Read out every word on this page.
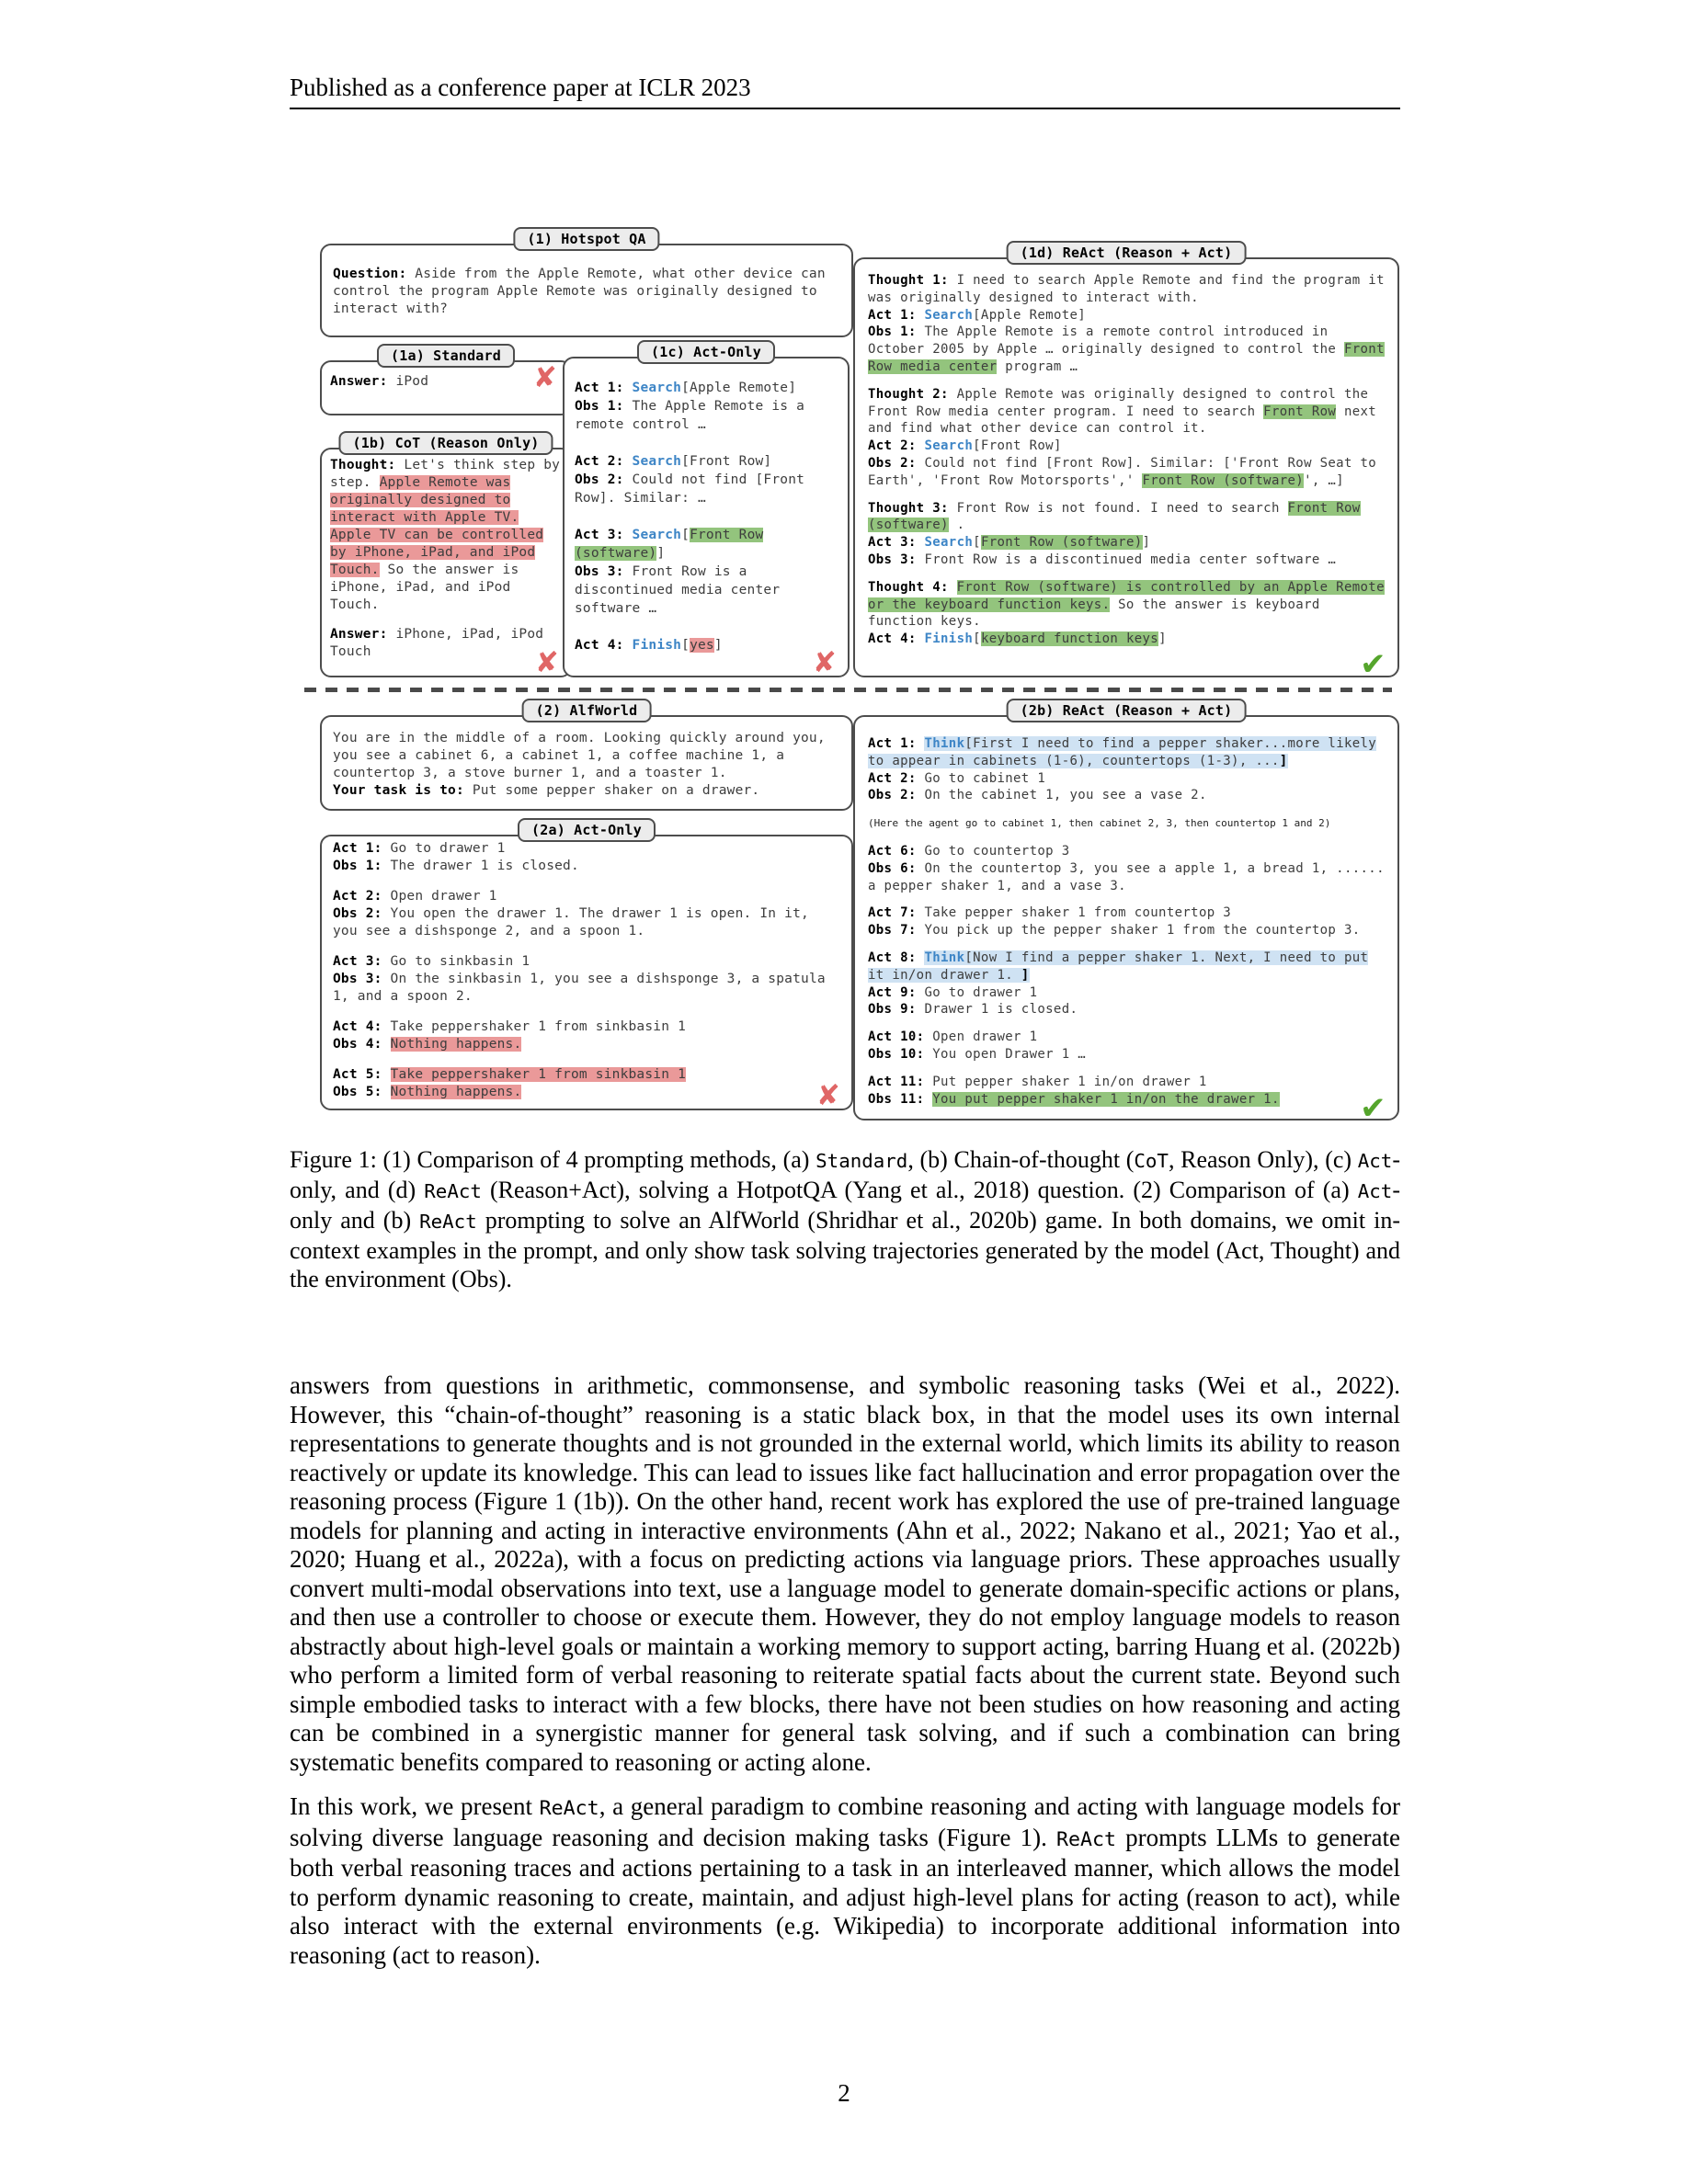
Published as a conference paper at ICLR 2023
(1) Hotspot QA

Question: Aside from the Apple Remote, what other device can control the program Apple Remote was originally designed to interact with?

(1a) Standard

Answer: iPod	✘
(1b) CoT (Reason Only)

Thought: Let's think step by step. Apple Remote was originally designed to interact with Apple TV. Apple TV can be controlled by iPhone, iPad, and iPod Touch. So the answer is iPhone, iPad, and iPod Touch.

Answer: iPhone, iPad, iPod Touch	✘
(1c) Act-Only

Act 1: Search[Apple Remote]

Obs 1: The Apple Remote is a remote control …

Act 2: Search[Front Row]

Obs 2: Could not find [Front Row]. Similar: …

Act 3: Search[Front Row (software)]

Obs 3: Front Row is a discontinued media center software …

Act 4: Finish[yes]

✘
(1d) ReAct (Reason + Act)

Thought 1: I need to search Apple Remote and find the program it was originally designed to interact with.

Act 1: Search[Apple Remote]

Obs 1: The Apple Remote is a remote control introduced in October 2005 by Apple … originally designed to control the Front Row media center program …

Thought 2: Apple Remote was originally designed to control the Front Row media center program. I need to search Front Row next and find what other device can control it.

Act 2: Search[Front Row]

Obs 2: Could not find [Front Row]. Similar: ['Front Row Seat to Earth', 'Front Row Motorsports',' Front Row (software)', …]

Thought 3: Front Row is not found. I need to search Front Row (software) .

Act 3: Search[Front Row (software)]

Obs 3: Front Row is a discontinued media center software …

Thought 4: Front Row (software) is controlled by an Apple Remote or the keyboard function keys. So the answer is keyboard function keys.

Act 4: Finish[keyboard function keys]

✔
(2) AlfWorld

You are in the middle of a room. Looking quickly around you, you see a cabinet 6, a cabinet 1, a coffee machine 1, a countertop 3, a stove burner 1, and a toaster 1.

Your task is to: Put some pepper shaker on a drawer.

(2a) Act-Only

Act 1: Go to drawer 1

Obs 1: The drawer 1 is closed.

Act 2: Open drawer 1

Obs 2: You open the drawer 1. The drawer 1 is open. In it, you see a dishsponge 2, and a spoon 1.

Act 3: Go to sinkbasin 1

Obs 3: On the sinkbasin 1, you see a dishsponge 3, a spatula 1, and a spoon 2.

Act 4: Take peppershaker 1 from sinkbasin 1

Obs 4: Nothing happens.

Act 5: Take peppershaker 1 from sinkbasin 1

Obs 5: Nothing happens.	✘
(2b) ReAct (Reason + Act)

Act 1: Think[First I need to find a pepper shaker...more likely to appear in cabinets (1-6), countertops (1-3), ...]

Act 2: Go to cabinet 1

Obs 2: On the cabinet 1, you see a vase 2.

(Here the agent go to cabinet 1, then cabinet 2, 3, then countertop 1 and 2)

Act 6: Go to countertop 3

Obs 6: On the countertop 3, you see a apple 1, a bread 1, ...... a pepper shaker 1, and a vase 3.

Act 7: Take pepper shaker 1 from countertop 3

Obs 7: You pick up the pepper shaker 1 from the countertop 3.

Act 8: Think[Now I find a pepper shaker 1. Next, I need to put it in/on drawer 1. ]

Act 9: Go to drawer 1

Obs 9: Drawer 1 is closed.

Act 10: Open drawer 1

Obs 10: You open Drawer 1 …

Act 11: Put pepper shaker 1 in/on drawer 1

Obs 11: You put pepper shaker 1 in/on the drawer 1.	✔
Figure 1: (1) Comparison of 4 prompting methods, (a) Standard, (b) Chain-of-thought (CoT, Reason Only), (c) Act-only, and (d) ReAct (Reason+Act), solving a HotpotQA (Yang et al., 2018) question. (2) Comparison of (a) Act-only and (b) ReAct prompting to solve an AlfWorld (Shridhar et al., 2020b) game. In both domains, we omit in-context examples in the prompt, and only show task solving trajectories generated by the model (Act, Thought) and the environment (Obs).

answers from questions in arithmetic, commonsense, and symbolic reasoning tasks (Wei et al., 2022). However, this “chain-of-thought” reasoning is a static black box, in that the model uses its own internal representations to generate thoughts and is not grounded in the external world, which limits its ability to reason reactively or update its knowledge. This can lead to issues like fact hallucination and error propagation over the reasoning process (Figure 1 (1b)). On the other hand, recent work has explored the use of pre-trained language models for planning and acting in interactive environments (Ahn et al., 2022; Nakano et al., 2021; Yao et al., 2020; Huang et al., 2022a), with a focus on predicting actions via language priors. These approaches usually convert multi-modal observations into text, use a language model to generate domain-specific actions or plans, and then use a controller to choose or execute them. However, they do not employ language models to reason abstractly about high-level goals or maintain a working memory to support acting, barring Huang et al. (2022b) who perform a limited form of verbal reasoning to reiterate spatial facts about the current state. Beyond such simple embodied tasks to interact with a few blocks, there have not been studies on how reasoning and acting can be combined in a synergistic manner for general task solving, and if such a combination can bring systematic benefits compared to reasoning or acting alone.

In this work, we present ReAct, a general paradigm to combine reasoning and acting with language models for solving diverse language reasoning and decision making tasks (Figure 1). ReAct prompts LLMs to generate both verbal reasoning traces and actions pertaining to a task in an interleaved manner, which allows the model to perform dynamic reasoning to create, maintain, and adjust high-level plans for acting (reason to act), while also interact with the external environments (e.g. Wikipedia) to incorporate additional information into reasoning (act to reason).

2
